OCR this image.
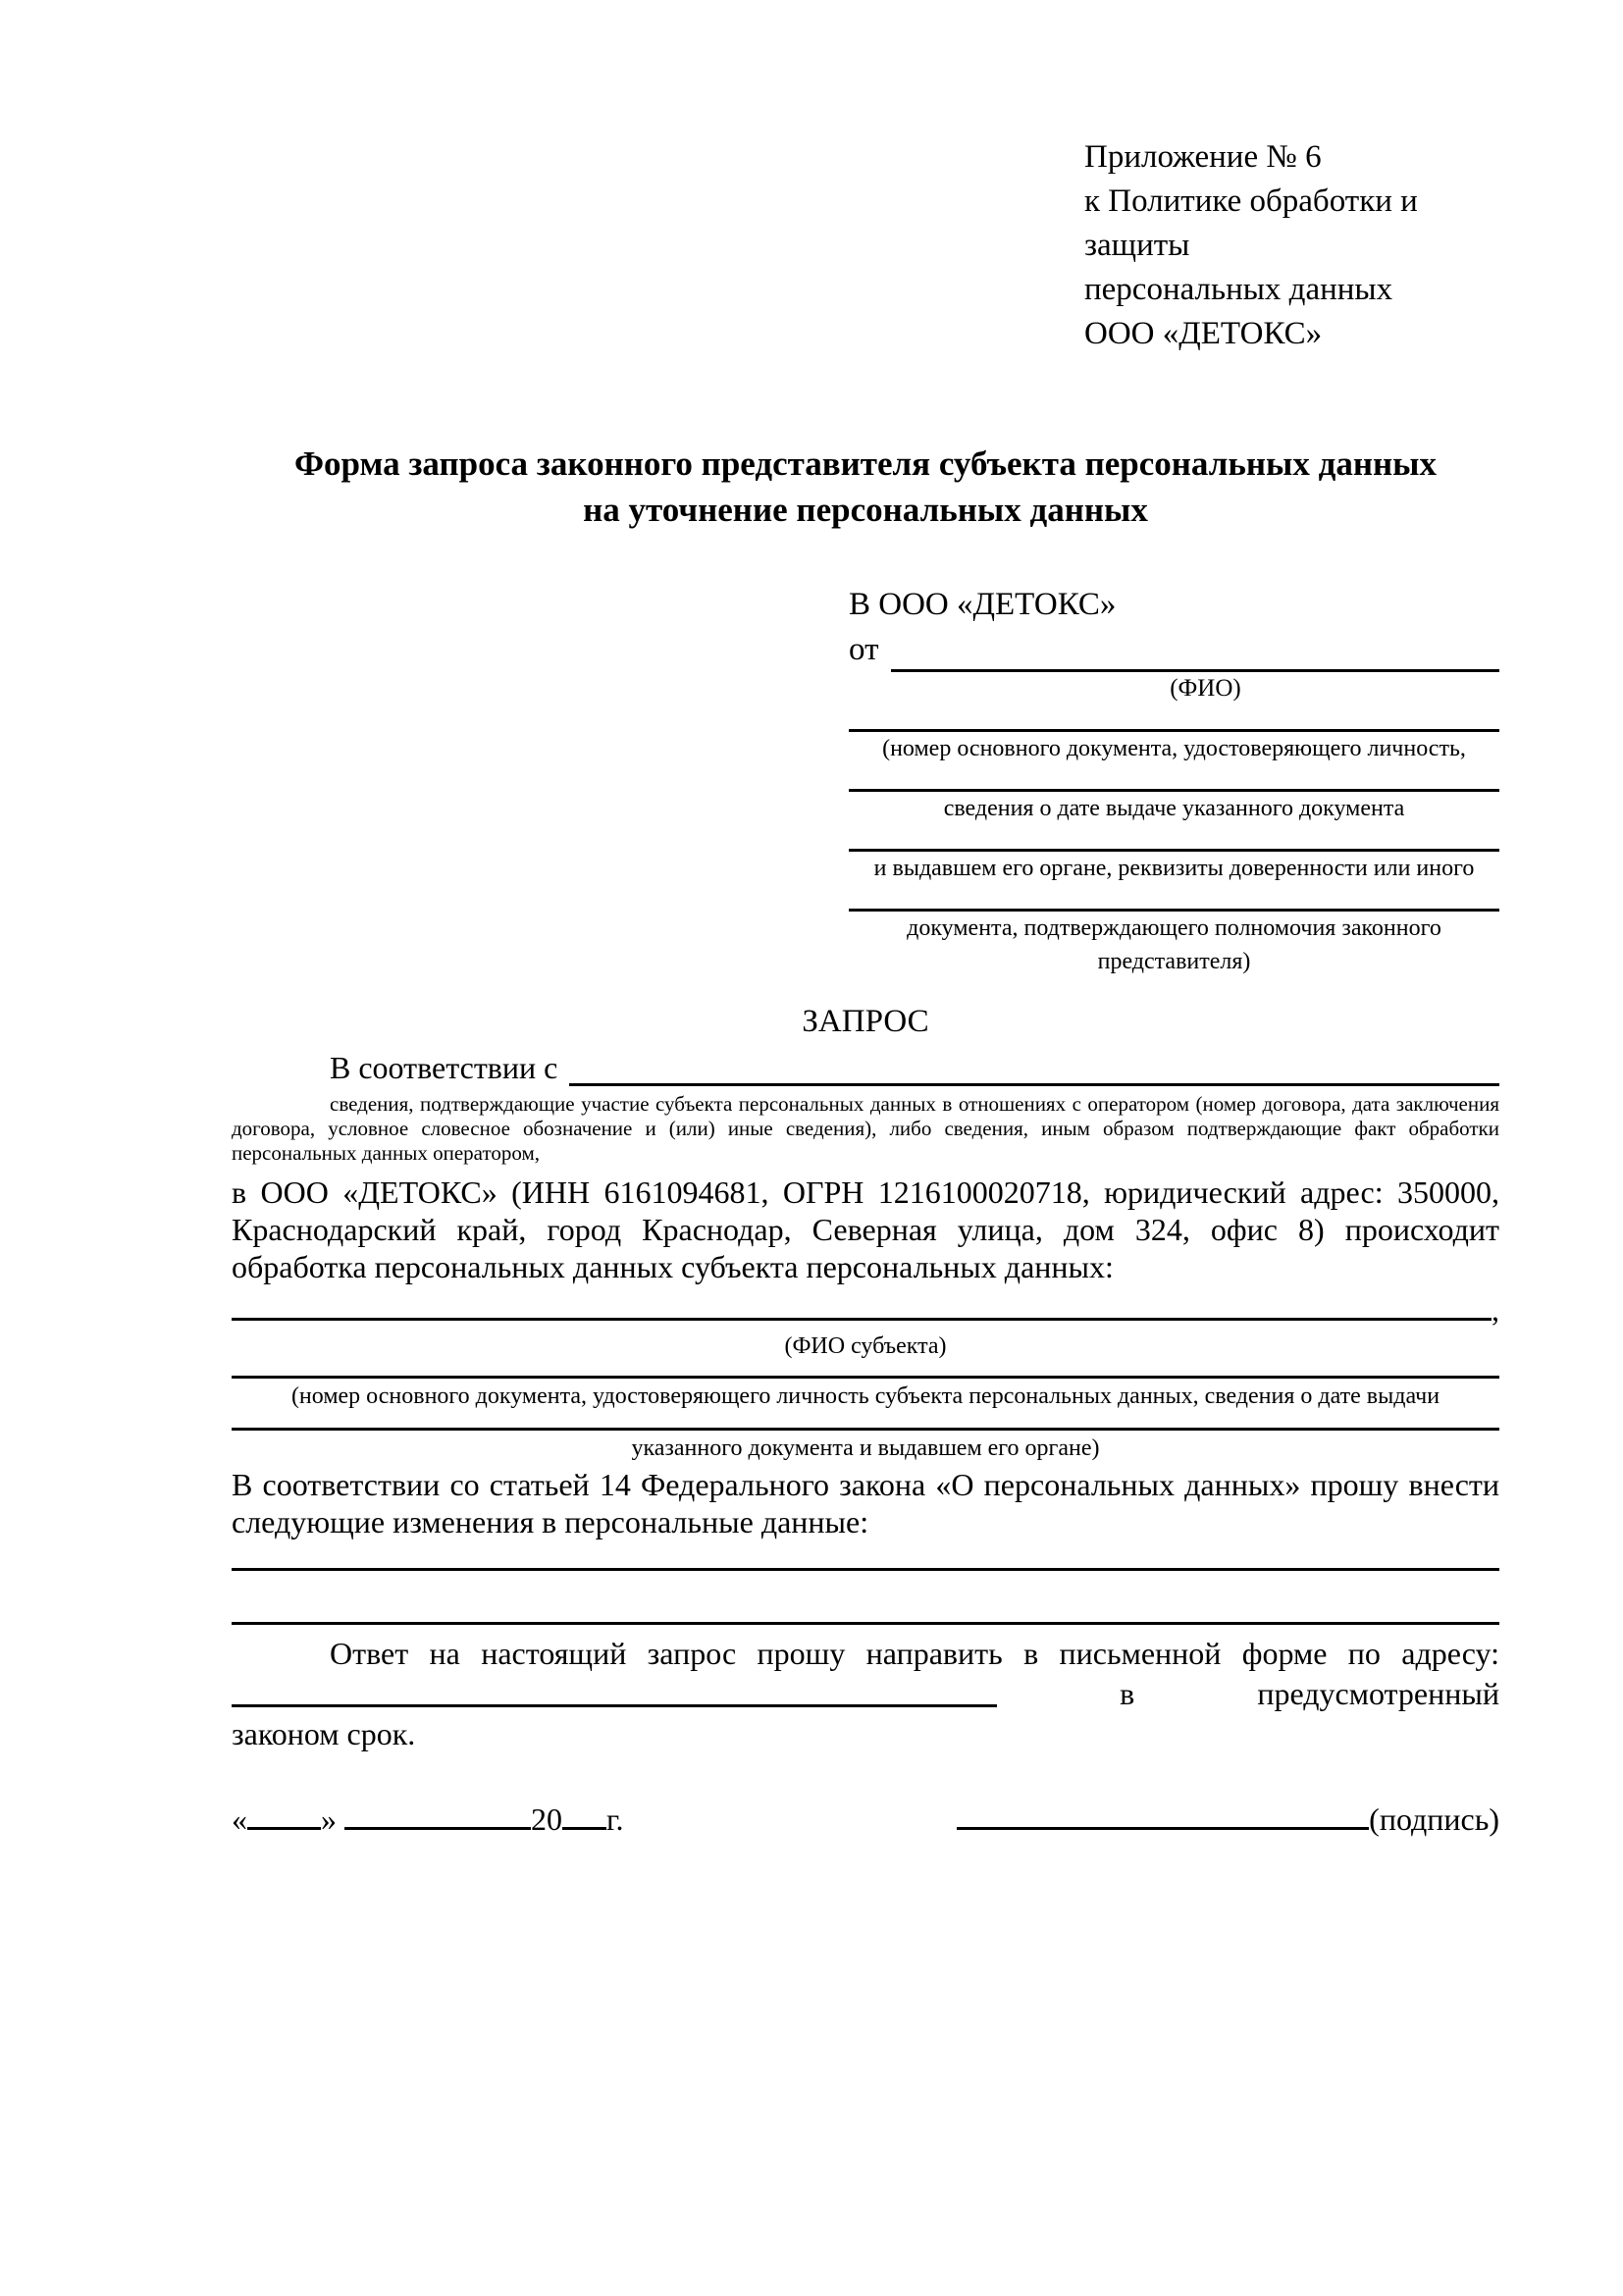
Приложение № 6
к Политике обработки и защиты
персональных данных
ООО «ДЕТОКС»
Форма запроса законного представителя субъекта персональных данных
на уточнение персональных данных
В ООО «ДЕТОКС»
от
(ФИО)
(номер основного документа, удостоверяющего личность,
сведения о дате выдаче указанного документа
и выдавшем его органе, реквизиты доверенности или иного
документа, подтверждающего полномочия законного представителя)
ЗАПРОС
В соответствии с
сведения, подтверждающие участие субъекта персональных данных в отношениях с оператором (номер договора, дата заключения договора, условное словесное обозначение и (или) иные сведения), либо сведения, иным образом подтверждающие факт обработки персональных данных оператором,
в ООО «ДЕТОКС» (ИНН 6161094681, ОГРН 1216100020718, юридический адрес: 350000, Краснодарский край, город Краснодар, Северная улица, дом 324, офис 8) происходит обработка персональных данных субъекта персональных данных:
,
(ФИО субъекта)
(номер основного документа, удостоверяющего личность субъекта персональных данных, сведения о дате выдачи
указанного документа и выдавшем его органе)
В соответствии со статьей 14 Федерального закона «О персональных данных» прошу внести следующие изменения в персональные данные:
Ответ на настоящий запрос прошу направить в письменной форме по адресу:
в	предусмотренный
законом срок.
« »	20 г.	(подпись)
